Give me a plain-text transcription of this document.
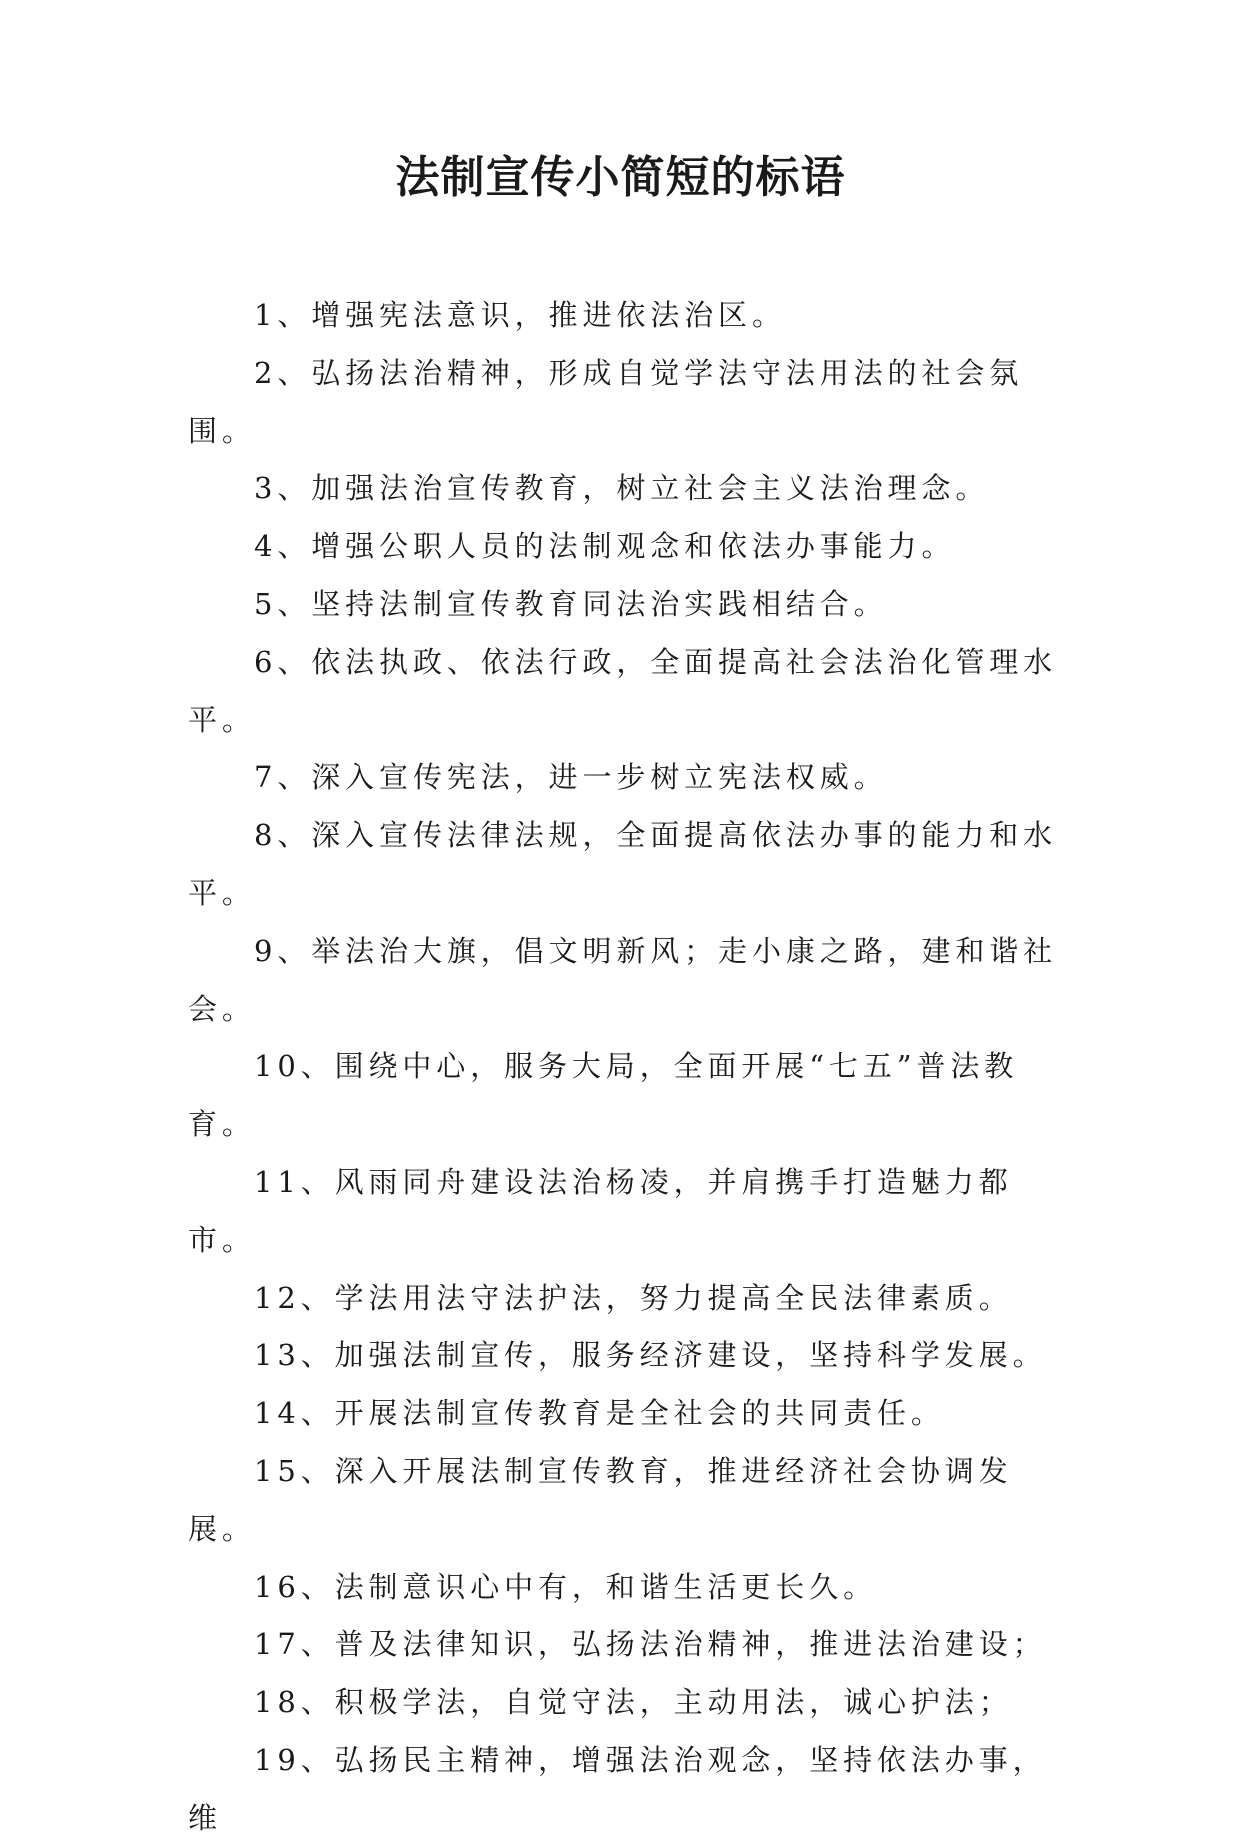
法制宣传小简短的标语

1、增强宪法意识，推进依法治区。

2、弘扬法治精神，形成自觉学法守法用法的社会氛围。

3、加强法治宣传教育，树立社会主义法治理念。

4、增强公职人员的法制观念和依法办事能力。

5、坚持法制宣传教育同法治实践相结合。

6、依法执政、依法行政，全面提高社会法治化管理水平。

7、深入宣传宪法，进一步树立宪法权威。

8、深入宣传法律法规，全面提高依法办事的能力和水平。

9、举法治大旗，倡文明新风；走小康之路，建和谐社会。

10、围绕中心，服务大局，全面开展“七五”普法教育。

11、风雨同舟建设法治杨凌，并肩携手打造魅力都市。

12、学法用法守法护法，努力提高全民法律素质。

13、加强法制宣传，服务经济建设，坚持科学发展。

14、开展法制宣传教育是全社会的共同责任。

15、深入开展法制宣传教育，推进经济社会协调发展。

16、法制意识心中有，和谐生活更长久。

17、普及法律知识，弘扬法治精神，推进法治建设；

18、积极学法，自觉守法，主动用法，诚心护法；

19、弘扬民主精神，增强法治观念，坚持依法办事，维
